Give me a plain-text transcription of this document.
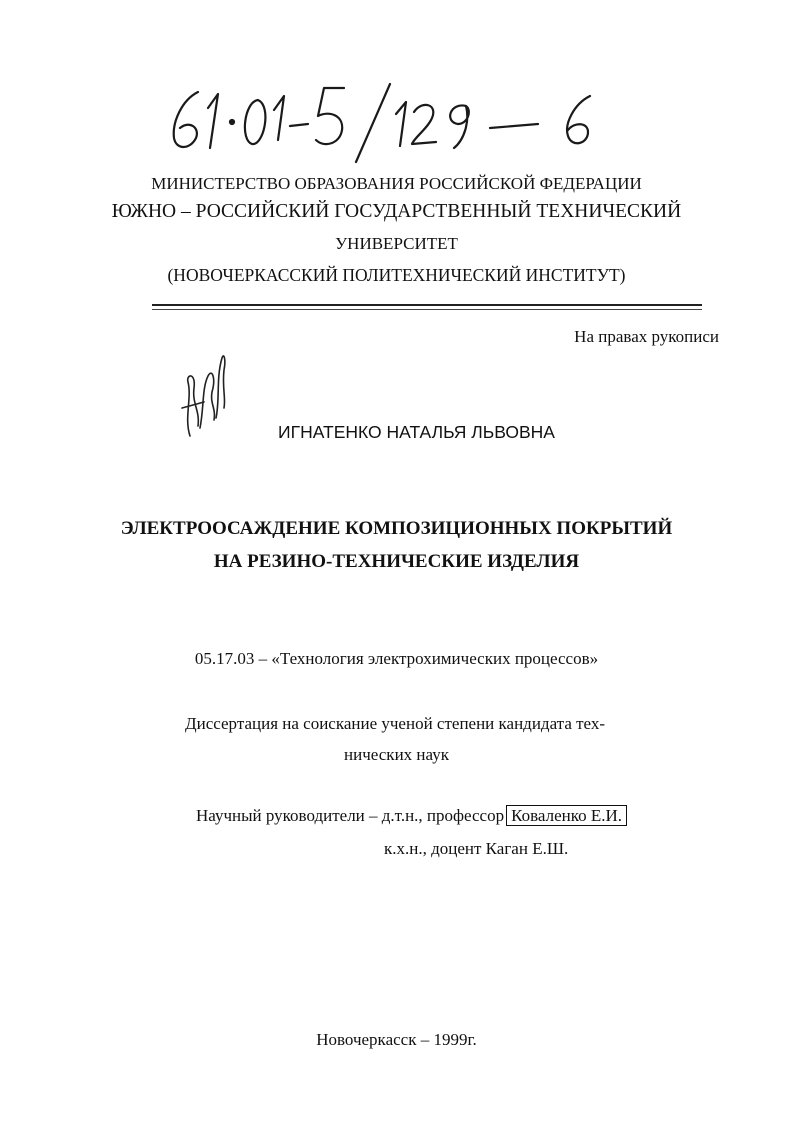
МИНИСТЕРСТВО ОБРАЗОВАНИЯ РОССИЙСКОЙ ФЕДЕРАЦИИ
ЮЖНО – РОССИЙСКИЙ ГОСУДАРСТВЕННЫЙ ТЕХНИЧЕСКИЙ
УНИВЕРСИТЕТ
(НОВОЧЕРКАССКИЙ ПОЛИТЕХНИЧЕСКИЙ ИНСТИТУТ)
На правах рукописи
ИГНАТЕНКО НАТАЛЬЯ ЛЬВОВНА
ЭЛЕКТРООСАЖДЕНИЕ КОМПОЗИЦИОННЫХ ПОКРЫТИЙ
НА РЕЗИНО-ТЕХНИЧЕСКИЕ ИЗДЕЛИЯ
05.17.03 – «Технология электрохимических процессов»
Диссертация на соискание ученой степени кандидата тех-
нических наук
Научный руководители – д.т.н., профессор Коваленко Е.И.
к.х.н., доцент Каган Е.Ш.
Новочеркасск – 1999г.
